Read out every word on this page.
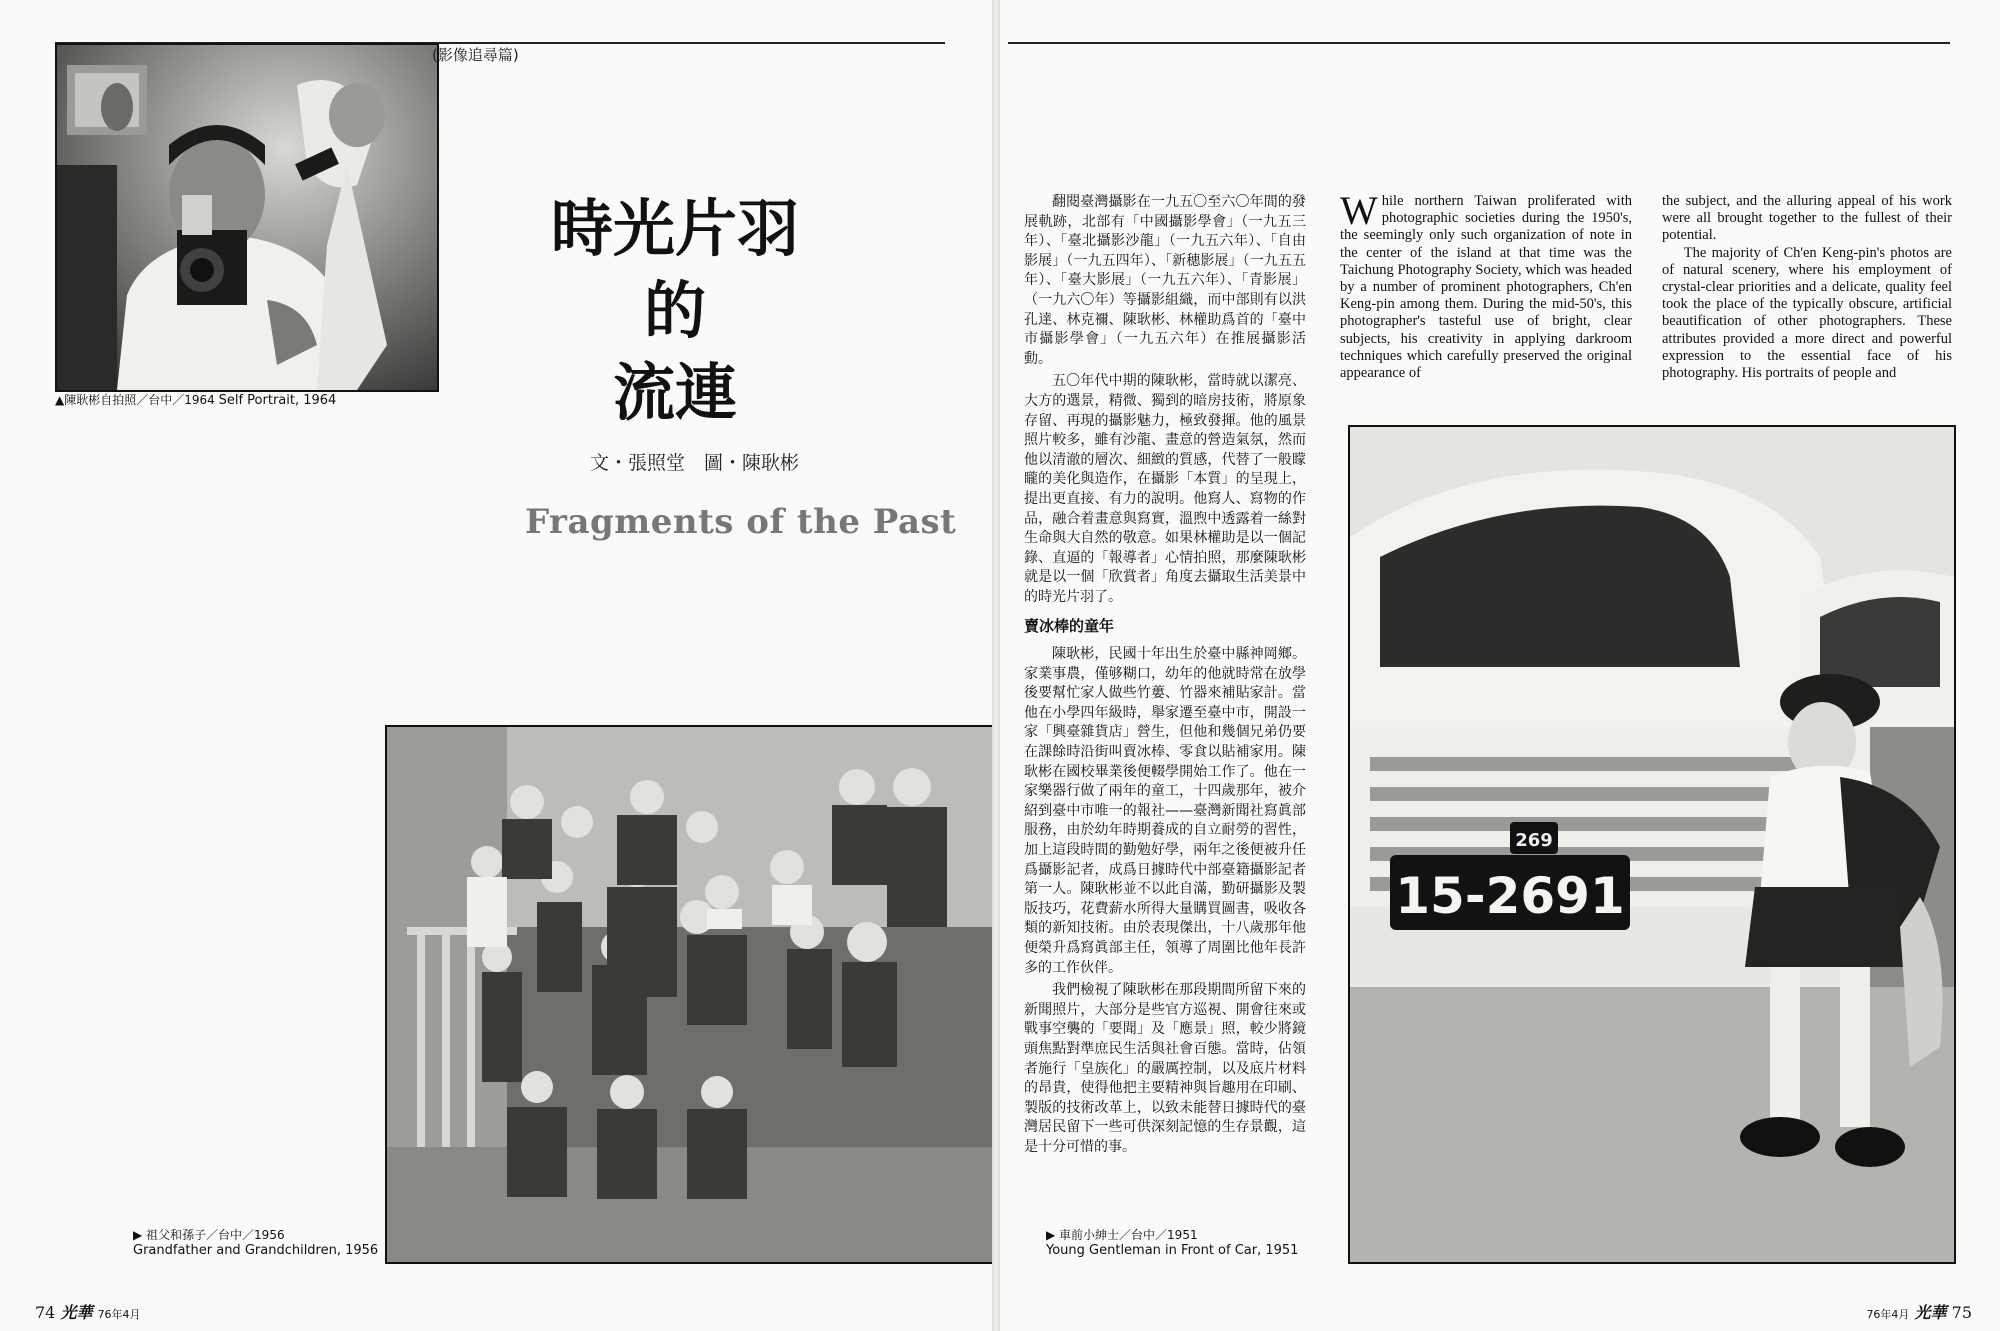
▲陳耿彬自拍照／台中／1964 Self Portrait, 1964
(影像追尋篇)
時光片羽
的
流連
文・張照堂　圖・陳耿彬
Fragments of the Past
▶ 祖父和孫子／台中／1956
Grandfather and Grandchildren, 1956
74 光華 76年4月

翻閱臺灣攝影在一九五〇至六〇年間的發展軌跡，北部有「中國攝影學會」（一九五三年）、「臺北攝影沙龍」（一九五六年）、「自由影展」（一九五四年）、「新穗影展」（一九五五年）、「臺大影展」（一九五六年）、「青影展」（一九六〇年）等攝影組織，而中部則有以洪孔達、林克禰、陳耿彬、林權助爲首的「臺中市攝影學會」（一九五六年）在推展攝影活動。

五〇年代中期的陳耿彬，當時就以潔亮、大方的選景，精微、獨到的暗房技術，將原象存留、再現的攝影魅力，極致發揮。他的風景照片較多，雖有沙龍、畫意的營造氣氛，然而他以清澈的層次、細緻的質感，代替了一般矇矓的美化與造作，在攝影「本質」的呈現上，提出更直接、有力的說明。他寫人、寫物的作品，融合着畫意與寫實，溫煦中透露着一絲對生命與大自然的敬意。如果林權助是以一個記錄、直逼的「報導者」心情拍照，那麼陳耿彬就是以一個「欣賞者」角度去攝取生活美景中的時光片羽了。

賣冰棒的童年

陳耿彬，民國十年出生於臺中縣神岡鄉。家業事農，僅够糊口，幼年的他就時常在放學後要幫忙家人做些竹蔞、竹器來補貼家計。當他在小學四年級時，舉家遷至臺中市，開設一家「興臺雜貨店」營生，但他和幾個兄弟仍要在課餘時沿街叫賣冰棒、零食以貼補家用。陳耿彬在國校畢業後便輟學開始工作了。他在一家樂器行做了兩年的童工，十四歲那年，被介紹到臺中市唯一的報社——臺灣新聞社寫眞部服務，由於幼年時期養成的自立耐勞的習性，加上這段時間的勤勉好學，兩年之後便被升任爲攝影記者，成爲日據時代中部臺籍攝影記者第一人。陳耿彬並不以此自滿，勤研攝影及製版技巧，花費薪水所得大量購買圖書，吸收各類的新知技術。由於表現傑出，十八歲那年他便榮升爲寫眞部主任，領導了周圍比他年長許多的工作伙伴。

我們檢視了陳耿彬在那段期間所留下來的新聞照片，大部分是些官方巡視、開會往來或戰事空襲的「要聞」及「應景」照，較少將鏡頭焦點對準庶民生活與社會百態。當時，佔領者施行「皇族化」的嚴厲控制，以及底片材料的昂貴，使得他把主要精神與旨趣用在印刷、製版的技術改革上，以致未能替日據時代的臺灣居民留下一些可供深刻記憶的生存景觀，這是十分可惜的事。

While northern Taiwan proliferated with photographic societies during the 1950's, the seemingly only such organization of note in the center of the island at that time was the Taichung Photography Society, which was headed by a number of prominent photographers, Ch'en Keng-pin among them. During the mid-50's, this photographer's tasteful use of bright, clear subjects, his creativity in applying darkroom techniques which carefully preserved the original appearance of

the subject, and the alluring appeal of his work were all brought together to the fullest of their potential.

The majority of Ch'en Keng-pin's photos are of natural scenery, where his employment of crystal-clear priorities and a delicate, quality feel took the place of the typically obscure, artificial beautification of other photographers. These attributes provided a more direct and powerful expression to the essential face of his photography. His portraits of people and

269
15-2691
▶ 車前小紳士／台中／1951
Young Gentleman in Front of Car, 1951
76年4月 光華 75
